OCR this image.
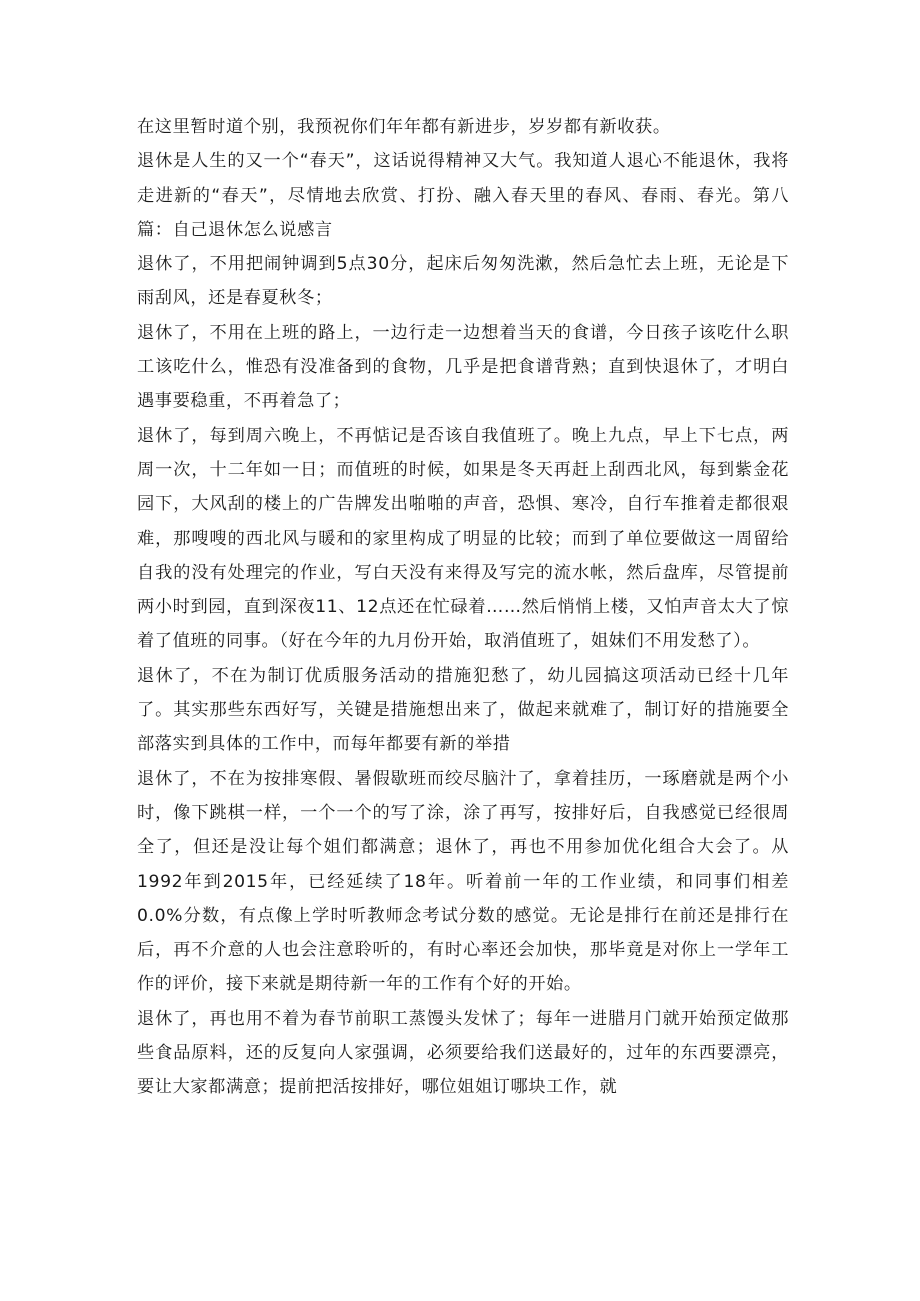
在这里暂时道个别，我预祝你们年年都有新进步，岁岁都有新收获。

退休是人生的又一个“春天”，这话说得精神又大气。我知道人退心不能退休，我将走进新的“春天”，尽情地去欣赏、打扮、融入春天里的春风、春雨、春光。第八篇：自己退休怎么说感言

退休了，不用把闹钟调到5点30分，起床后匆匆洗漱，然后急忙去上班，无论是下雨刮风，还是春夏秋冬；

退休了，不用在上班的路上，一边行走一边想着当天的食谱，今日孩子该吃什么职工该吃什么，惟恐有没准备到的食物，几乎是把食谱背熟；直到快退休了，才明白遇事要稳重，不再着急了；

退休了，每到周六晚上，不再惦记是否该自我值班了。晚上九点，早上下七点，两周一次，十二年如一日；而值班的时候，如果是冬天再赶上刮西北风，每到紫金花园下，大风刮的楼上的广告牌发出啪啪的声音，恐惧、寒冷，自行车推着走都很艰难，那嗖嗖的西北风与暖和的家里构成了明显的比较；而到了单位要做这一周留给自我的没有处理完的作业，写白天没有来得及写完的流水帐，然后盘库，尽管提前两小时到园，直到深夜11、12点还在忙碌着……然后悄悄上楼，又怕声音太大了惊着了值班的同事。（好在今年的九月份开始，取消值班了，姐妹们不用发愁了）。

退休了，不在为制订优质服务活动的措施犯愁了，幼儿园搞这项活动已经十几年了。其实那些东西好写，关键是措施想出来了，做起来就难了，制订好的措施要全部落实到具体的工作中，而每年都要有新的举措

退休了，不在为按排寒假、暑假歇班而绞尽脑汁了，拿着挂历，一琢磨就是两个小时，像下跳棋一样，一个一个的写了涂，涂了再写，按排好后，自我感觉已经很周全了，但还是没让每个姐们都满意；退休了，再也不用参加优化组合大会了。从1992年到2015年，已经延续了18年。听着前一年的工作业绩，和同事们相差0.0%分数，有点像上学时听教师念考试分数的感觉。无论是排行在前还是排行在后，再不介意的人也会注意聆听的，有时心率还会加快，那毕竟是对你上一学年工作的评价，接下来就是期待新一年的工作有个好的开始。

退休了，再也用不着为春节前职工蒸馒头发怵了；每年一进腊月门就开始预定做那些食品原料，还的反复向人家强调，必须要给我们送最好的，过年的东西要漂亮，要让大家都满意；提前把活按排好，哪位姐姐订哪块工作，就
